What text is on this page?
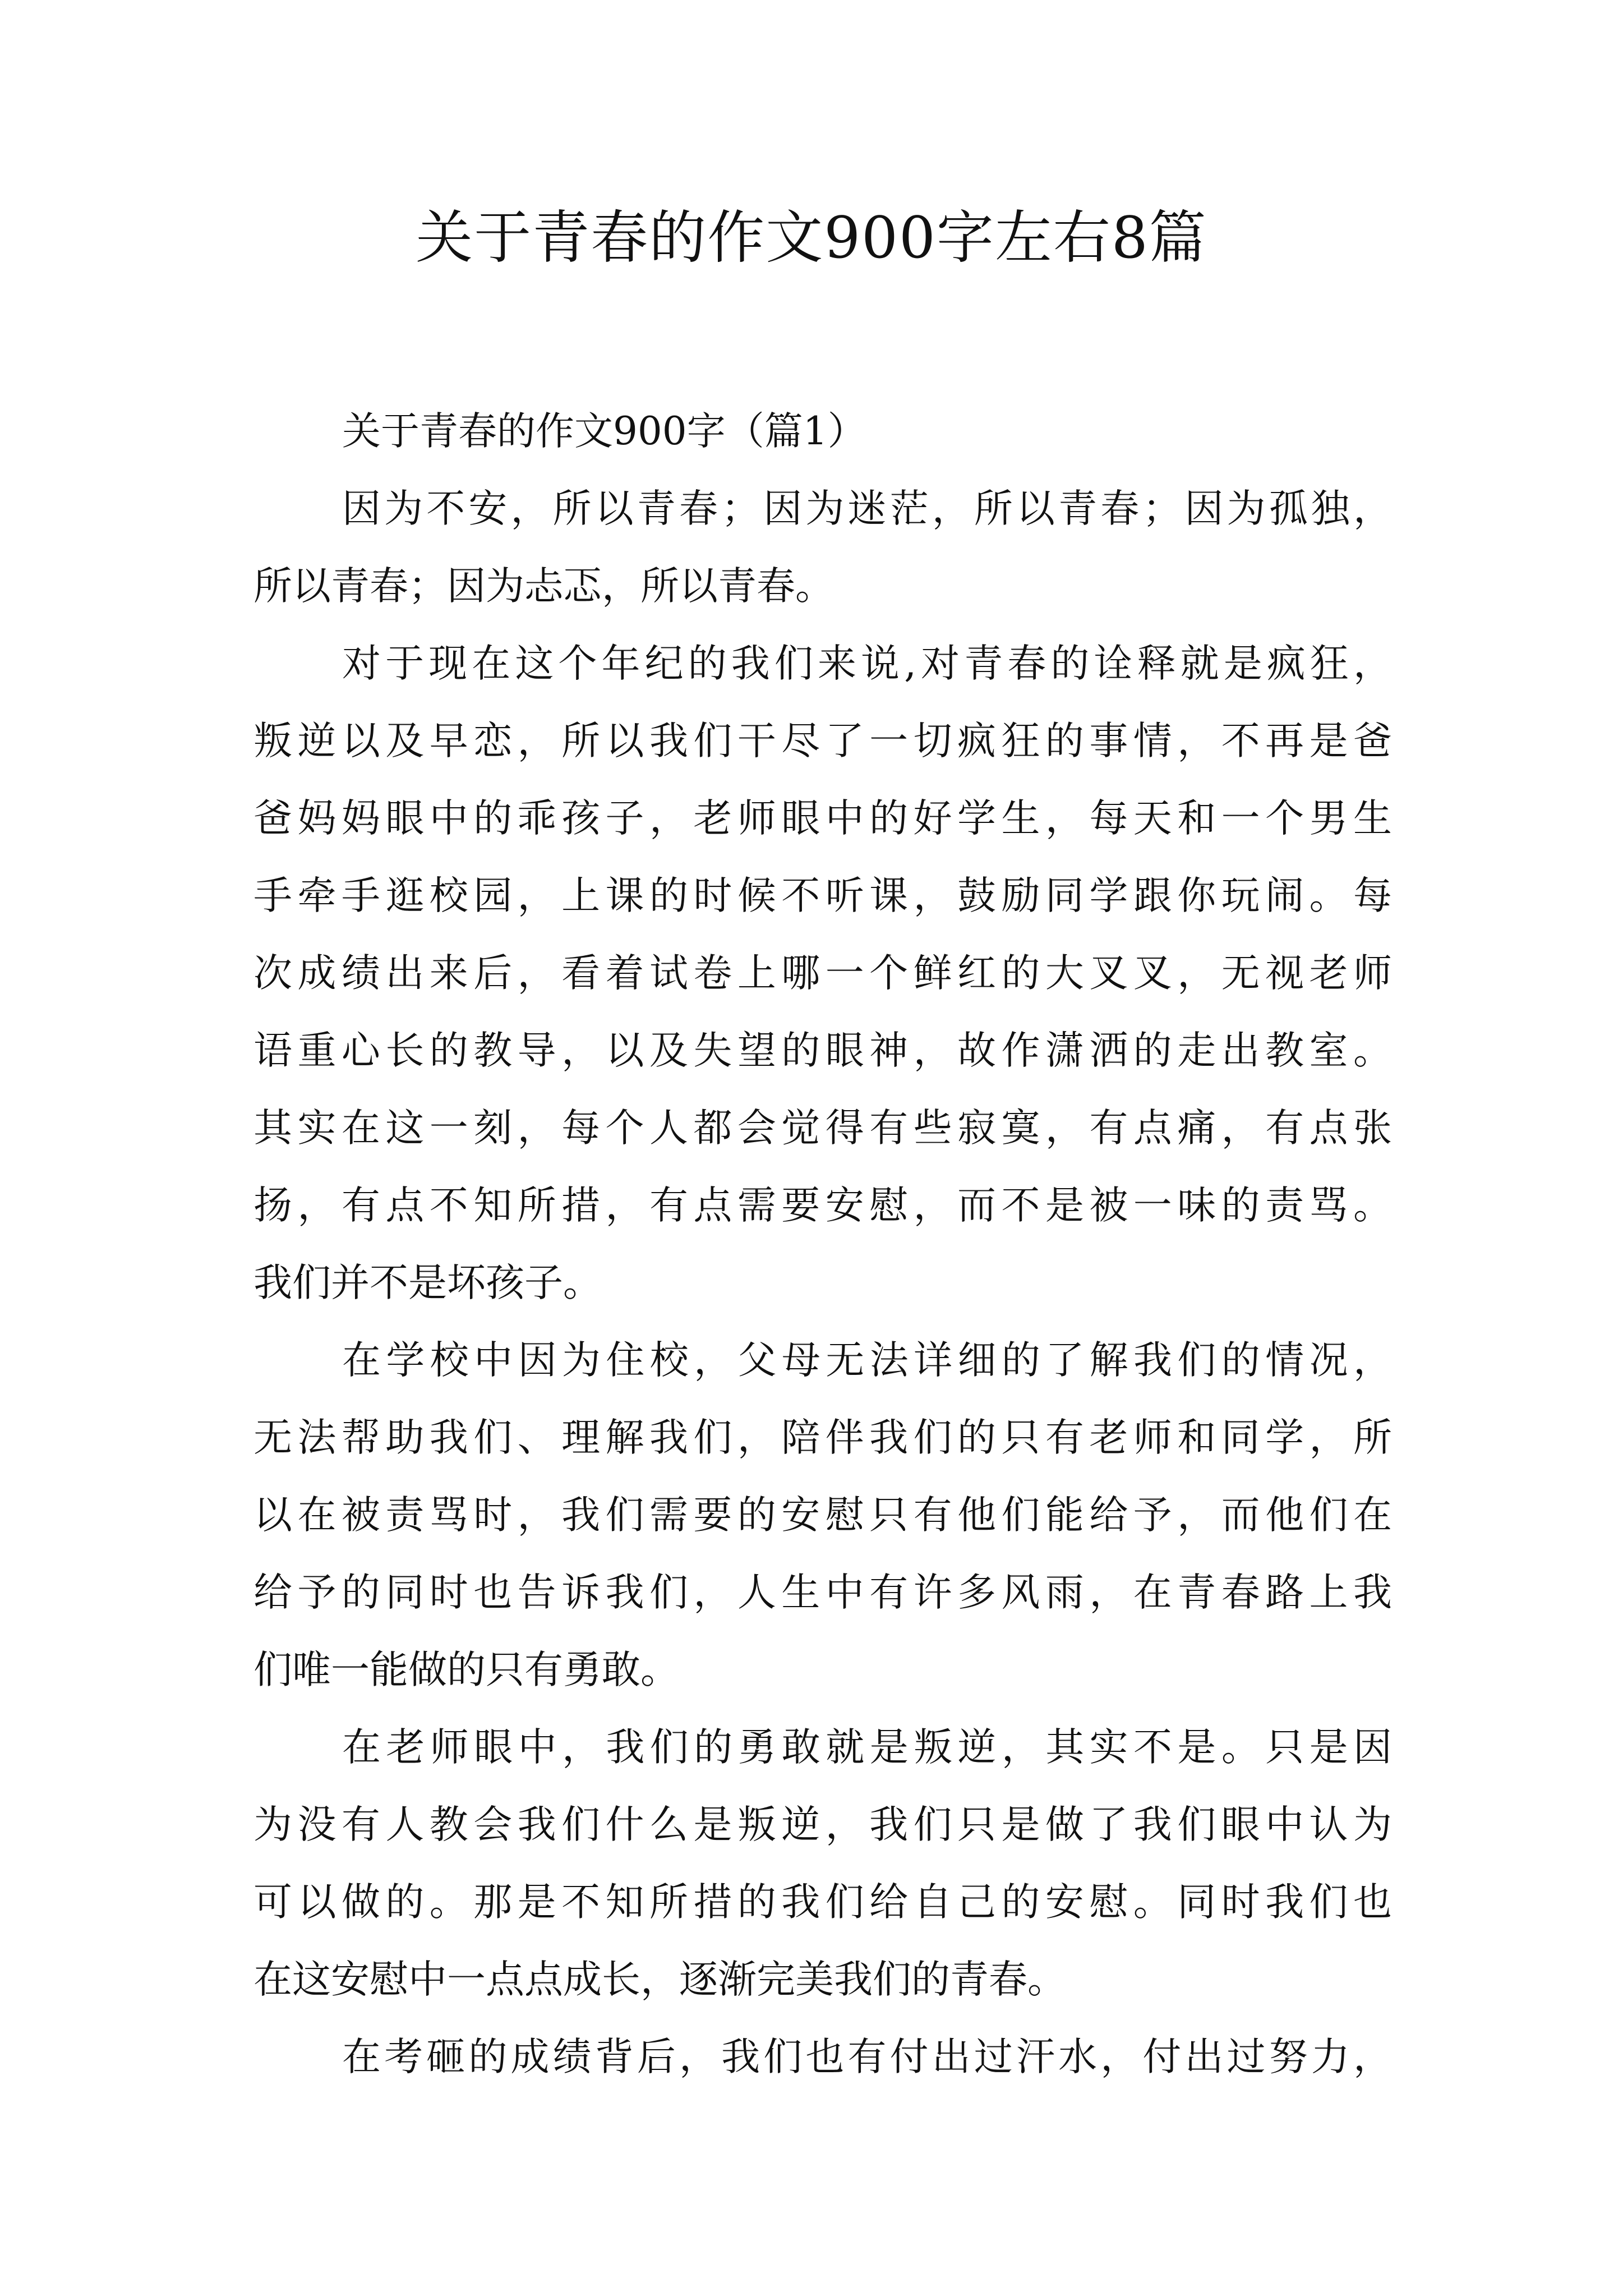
关于青春的作文900字左右8篇

关于青春的作文900字（篇1）

因为不安，所以青春；因为迷茫，所以青春；因为孤独，

所以青春；因为忐忑，所以青春。

对于现在这个年纪的我们来说,对青春的诠释就是疯狂，

叛逆以及早恋，所以我们干尽了一切疯狂的事情，不再是爸

爸妈妈眼中的乖孩子，老师眼中的好学生，每天和一个男生

手牵手逛校园，上课的时候不听课，鼓励同学跟你玩闹。每

次成绩出来后，看着试卷上哪一个鲜红的大叉叉，无视老师

语重心长的教导，以及失望的眼神，故作潇洒的走出教室。

其实在这一刻，每个人都会觉得有些寂寞，有点痛，有点张

扬，有点不知所措，有点需要安慰，而不是被一味的责骂。

我们并不是坏孩子。

在学校中因为住校，父母无法详细的了解我们的情况，

无法帮助我们、理解我们，陪伴我们的只有老师和同学，所

以在被责骂时，我们需要的安慰只有他们能给予，而他们在

给予的同时也告诉我们，人生中有许多风雨，在青春路上我

们唯一能做的只有勇敢。

在老师眼中，我们的勇敢就是叛逆，其实不是。只是因

为没有人教会我们什么是叛逆，我们只是做了我们眼中认为

可以做的。那是不知所措的我们给自己的安慰。同时我们也

在这安慰中一点点成长，逐渐完美我们的青春。

在考砸的成绩背后，我们也有付出过汗水，付出过努力，
